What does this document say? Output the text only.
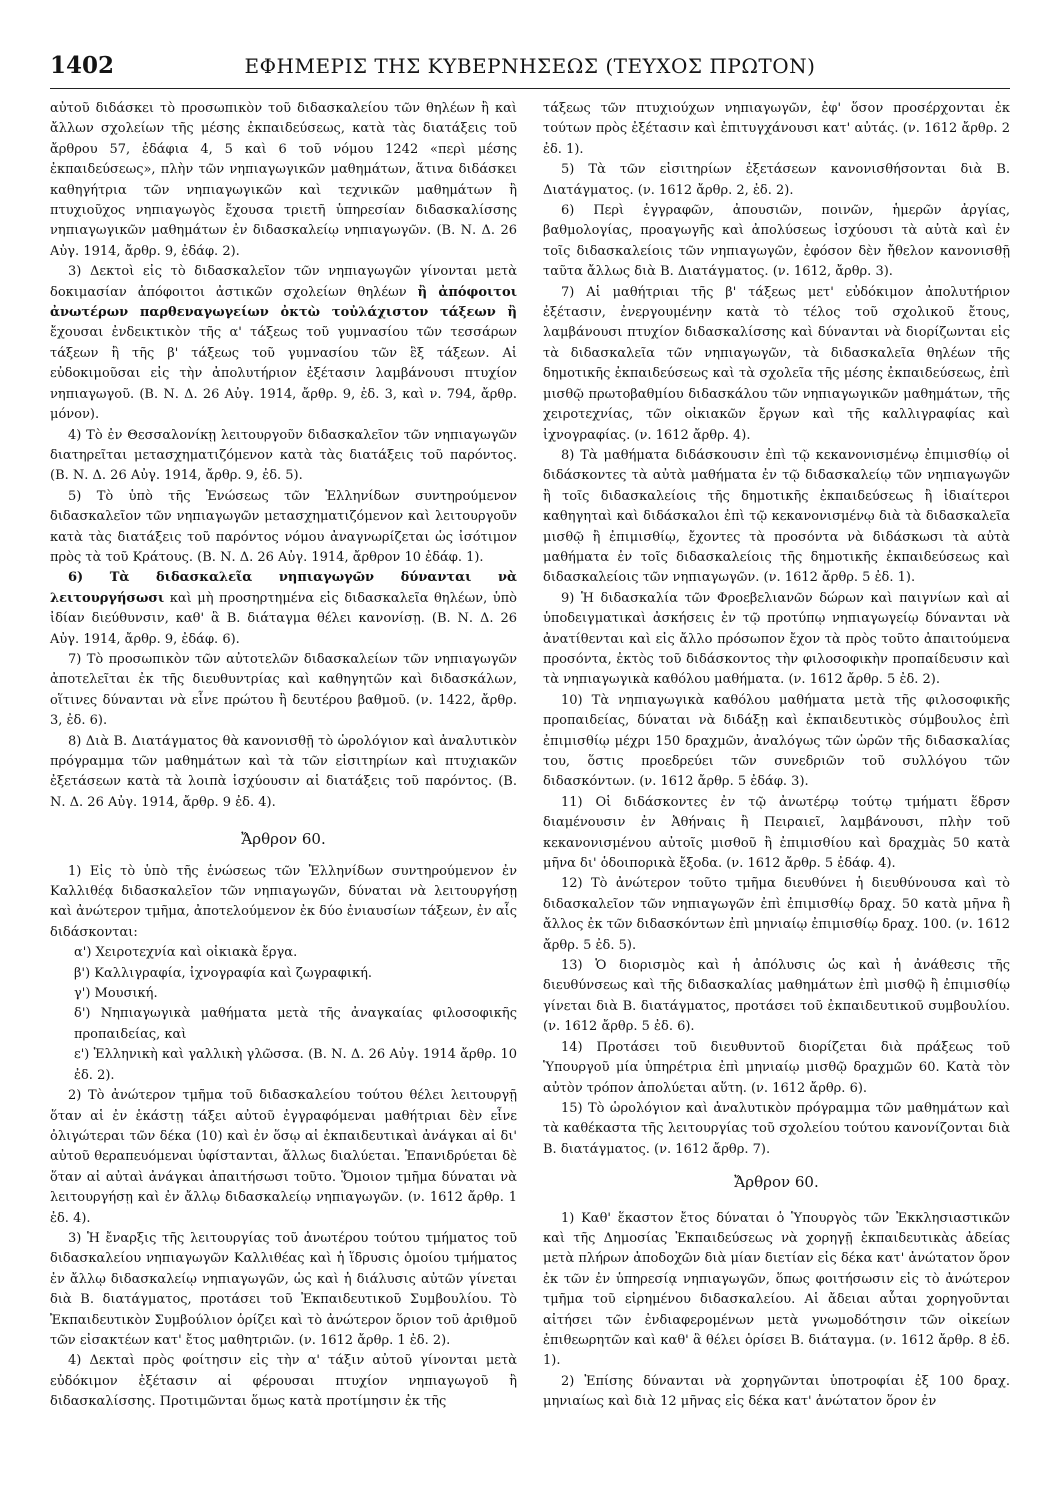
1402	ΕΦΗΜΕΡΙΣ ΤΗΣ ΚΥΒΕΡΝΗΣΕΩΣ (ΤΕΥΧΟΣ ΠΡΩΤΟΝ)

αὐτοῦ διδάσκει τὸ προσωπικὸν τοῦ διδασκαλείου τῶν θηλέων ἢ καὶ ἄλλων σχολείων τῆς μέσης ἐκπαιδεύσεως, κατὰ τὰς διατάξεις τοῦ ἄρθρου 57, ἐδάφια 4, 5 καὶ 6 τοῦ νόμου 1242 «περὶ μέσης ἐκπαιδεύσεως», πλὴν τῶν νηπιαγωγικῶν μαθημάτων, ἅτινα διδάσκει καθηγήτρια τῶν νηπιαγωγικῶν καὶ τεχνικῶν μαθημάτων ἢ πτυχιοῦχος νηπιαγωγὸς ἔχουσα τριετῆ ὑπηρεσίαν διδασκαλίσσης νηπιαγωγικῶν μαθημάτων ἐν διδασκαλείῳ νηπιαγωγῶν. (Β. Ν. Δ. 26 Αὐγ. 1914, ἄρθρ. 9, ἐδάφ. 2).

3) Δεκτοὶ εἰς τὸ διδασκαλεῖον τῶν νηπιαγωγῶν γίνονται μετὰ δοκιμασίαν ἀπόφοιτοι ἀστικῶν σχολείων θηλέων ἢ ἀπόφοιτοι ἀνωτέρων παρθεναγωγείων ὀκτὼ τοὐλάχιστον τάξεων ἢ ἔχουσαι ἐνδεικτικὸν τῆς α' τάξεως τοῦ γυμνασίου τῶν τεσσάρων τάξεων ἢ τῆς β' τάξεως τοῦ γυμνασίου τῶν ἓξ τάξεων. Αἱ εὐδοκιμοῦσαι εἰς τὴν ἀπολυτήριον ἐξέτασιν λαμβάνουσι πτυχίον νηπιαγωγοῦ. (Β. Ν. Δ. 26 Αὐγ. 1914, ἄρθρ. 9, ἐδ. 3, καὶ ν. 794, ἄρθρ. μόνον).

4) Τὸ ἐν Θεσσαλονίκῃ λειτουργοῦν διδασκαλεῖον τῶν νηπιαγωγῶν διατηρεῖται μετασχηματιζόμενον κατὰ τὰς διατάξεις τοῦ παρόντος. (Β. Ν. Δ. 26 Αὐγ. 1914, ἄρθρ. 9, ἐδ. 5).

5) Τὸ ὑπὸ τῆς Ἑνώσεως τῶν Ἑλληνίδων συντηρούμενον διδασκαλεῖον τῶν νηπιαγωγῶν μετασχηματιζόμενον καὶ λειτουργοῦν κατὰ τὰς διατάξεις τοῦ παρόντος νόμου ἀναγνωρίζεται ὡς ἰσότιμον πρὸς τὰ τοῦ Κράτους. (Β. Ν. Δ. 26 Αὐγ. 1914, ἄρθρον 10 ἐδάφ. 1).

6) Τὰ διδασκαλεῖα νηπιαγωγῶν δύνανται νὰ λειτουργήσωσι καὶ μὴ προσηρτημένα εἰς διδασκαλεῖα θηλέων, ὑπὸ ἰδίαν διεύθυνσιν, καθ' ἃ Β. διάταγμα θέλει κανονίσῃ. (Β. Ν. Δ. 26 Αὐγ. 1914, ἄρθρ. 9, ἐδάφ. 6).

7) Τὸ προσωπικὸν τῶν αὐτοτελῶν διδασκαλείων τῶν νηπιαγωγῶν ἀποτελεῖται ἐκ τῆς διευθυντρίας καὶ καθηγητῶν καὶ διδασκάλων, οἵτινες δύνανται νὰ εἶνε πρώτου ἢ δευτέρου βαθμοῦ. (ν. 1422, ἄρθρ. 3, ἐδ. 6).

8) Διὰ Β. Διατάγματος θὰ κανονισθῇ τὸ ὡρολόγιον καὶ ἀναλυτικὸν πρόγραμμα τῶν μαθημάτων καὶ τὰ τῶν εἰσιτηρίων καὶ πτυχιακῶν ἐξετάσεων κατὰ τὰ λοιπὰ ἰσχύουσιν αἱ διατάξεις τοῦ παρόντος. (Β. Ν. Δ. 26 Αὐγ. 1914, ἄρθρ. 9 ἐδ. 4).

Ἄρθρον 60.

1) Εἰς τὸ ὑπὸ τῆς ἑνώσεως τῶν Ἑλληνίδων συντηρούμενον ἐν Καλλιθέᾳ διδασκαλεῖον τῶν νηπιαγωγῶν, δύναται νὰ λειτουργήσῃ καὶ ἀνώτερον τμῆμα, ἀποτελούμενον ἐκ δύο ἐνιαυσίων τάξεων, ἐν αἷς διδάσκονται:

α') Χειροτεχνία καὶ οἰκιακὰ ἔργα.

β') Καλλιγραφία, ἰχνογραφία καὶ ζωγραφική.

γ') Μουσική.

δ') Νηπιαγωγικὰ μαθήματα μετὰ τῆς ἀναγκαίας φιλοσοφικῆς προπαιδείας, καὶ

ε') Ἑλληνικὴ καὶ γαλλικὴ γλῶσσα. (Β. Ν. Δ. 26 Αὐγ. 1914 ἄρθρ. 10 ἐδ. 2).

2) Τὸ ἀνώτερον τμῆμα τοῦ διδασκαλείου τούτου θέλει λειτουργῇ ὅταν αἱ ἐν ἑκάστῃ τάξει αὐτοῦ ἐγγραφόμεναι μαθήτριαι δὲν εἶνε ὀλιγώτεραι τῶν δέκα (10) καὶ ἐν ὅσῳ αἱ ἐκπαιδευτικαὶ ἀνάγκαι αἱ δι' αὐτοῦ θεραπευόμεναι ὑφίστανται, ἄλλως διαλύεται. Ἐπανιδρύεται δὲ ὅταν αἱ αὐταὶ ἀνάγκαι ἀπαιτήσωσι τοῦτο. Ὅμοιον τμῆμα δύναται νὰ λειτουργήσῃ καὶ ἐν ἄλλῳ διδασκαλείῳ νηπιαγωγῶν. (ν. 1612 ἄρθρ. 1 ἐδ. 4).

3) Ἡ ἔναρξις τῆς λειτουργίας τοῦ ἀνωτέρου τούτου τμήματος τοῦ διδασκαλείου νηπιαγωγῶν Καλλιθέας καὶ ἡ ἵδρυσις ὁμοίου τμήματος ἐν ἄλλῳ διδασκαλείῳ νηπιαγωγῶν, ὡς καὶ ἡ διάλυσις αὐτῶν γίνεται διὰ Β. διατάγματος, προτάσει τοῦ Ἐκπαιδευτικοῦ Συμβουλίου. Τὸ Ἐκπαιδευτικὸν Συμβούλιον ὁρίζει καὶ τὸ ἀνώτερον ὅριον τοῦ ἀριθμοῦ τῶν εἰσακτέων κατ' ἔτος μαθητριῶν. (ν. 1612 ἄρθρ. 1 ἐδ. 2).

4) Δεκταὶ πρὸς φοίτησιν εἰς τὴν α' τάξιν αὐτοῦ γίνονται μετὰ εὐδόκιμον ἐξέτασιν αἱ φέρουσαι πτυχίον νηπιαγωγοῦ ἢ διδασκαλίσσης. Προτιμῶνται ὅμως κατὰ προτίμησιν ἐκ τῆς

τάξεως τῶν πτυχιούχων νηπιαγωγῶν, ἐφ' ὅσον προσέρχονται ἐκ τούτων πρὸς ἐξέτασιν καὶ ἐπιτυγχάνουσι κατ' αὐτάς. (ν. 1612 ἄρθρ. 2 ἐδ. 1).

5) Τὰ τῶν εἰσιτηρίων ἐξετάσεων κανονισθήσονται διὰ Β. Διατάγματος. (ν. 1612 ἄρθρ. 2, ἐδ. 2).

6) Περὶ ἐγγραφῶν, ἀπουσιῶν, ποινῶν, ἡμερῶν ἀργίας, βαθμολογίας, προαγωγῆς καὶ ἀπολύσεως ἰσχύουσι τὰ αὐτὰ καὶ ἐν τοῖς διδασκαλείοις τῶν νηπιαγωγῶν, ἐφόσον δὲν ἤθελον κανονισθῇ ταῦτα ἄλλως διὰ Β. Διατάγματος. (ν. 1612, ἄρθρ. 3).

7) Αἱ μαθήτριαι τῆς β' τάξεως μετ' εὐδόκιμον ἀπολυτήριον ἐξέτασιν, ἐνεργουμένην κατὰ τὸ τέλος τοῦ σχολικοῦ ἔτους, λαμβάνουσι πτυχίον διδασκαλίσσης καὶ δύνανται νὰ διορίζωνται εἰς τὰ διδασκαλεῖα τῶν νηπιαγωγῶν, τὰ διδασκαλεῖα θηλέων τῆς δημοτικῆς ἐκπαιδεύσεως καὶ τὰ σχολεῖα τῆς μέσης ἐκπαιδεύσεως, ἐπὶ μισθῷ πρωτοβαθμίου διδασκάλου τῶν νηπιαγωγικῶν μαθημάτων, τῆς χειροτεχνίας, τῶν οἰκιακῶν ἔργων καὶ τῆς καλλιγραφίας καὶ ἰχνογραφίας. (ν. 1612 ἄρθρ. 4).

8) Τὰ μαθήματα διδάσκουσιν ἐπὶ τῷ κεκανονισμένῳ ἐπιμισθίῳ οἱ διδάσκοντες τὰ αὐτὰ μαθήματα ἐν τῷ διδασκαλείῳ τῶν νηπιαγωγῶν ἢ τοῖς διδασκαλείοις τῆς δημοτικῆς ἐκπαιδεύσεως ἢ ἰδιαίτεροι καθηγηταὶ καὶ διδάσκαλοι ἐπὶ τῷ κεκανονισμένῳ διὰ τὰ διδασκαλεῖα μισθῷ ἢ ἐπιμισθίῳ, ἔχοντες τὰ προσόντα νὰ διδάσκωσι τὰ αὐτὰ μαθήματα ἐν τοῖς διδασκαλείοις τῆς δημοτικῆς ἐκπαιδεύσεως καὶ διδασκαλείοις τῶν νηπιαγωγῶν. (ν. 1612 ἄρθρ. 5 ἐδ. 1).

9) Ἡ διδασκαλία τῶν Φροεβελιανῶν δώρων καὶ παιγνίων καὶ αἱ ὑποδειγματικαὶ ἀσκήσεις ἐν τῷ προτύπῳ νηπιαγωγείῳ δύνανται νὰ ἀνατίθενται καὶ εἰς ἄλλο πρόσωπον ἔχον τὰ πρὸς τοῦτο ἀπαιτούμενα προσόντα, ἐκτὸς τοῦ διδάσκοντος τὴν φιλοσοφικὴν προπαίδευσιν καὶ τὰ νηπιαγωγικὰ καθόλου μαθήματα. (ν. 1612 ἄρθρ. 5 ἐδ. 2).

10) Τὰ νηπιαγωγικὰ καθόλου μαθήματα μετὰ τῆς φιλοσοφικῆς προπαιδείας, δύναται νὰ διδάξῃ καὶ ἐκπαιδευτικὸς σύμβουλος ἐπὶ ἐπιμισθίῳ μέχρι 150 δραχμῶν, ἀναλόγως τῶν ὡρῶν τῆς διδασκαλίας του, ὅστις προεδρεύει τῶν συνεδριῶν τοῦ συλλόγου τῶν διδασκόντων. (ν. 1612 ἄρθρ. 5 ἐδάφ. 3).

11) Οἱ διδάσκοντες ἐν τῷ ἀνωτέρῳ τούτῳ τμήματι ἕδρσν διαμένουσιν ἐν Ἀθήναις ἢ Πειραιεῖ, λαμβάνουσι, πλὴν τοῦ κεκανονισμένου αὐτοῖς μισθοῦ ἢ ἐπιμισθίου καὶ δραχμὰς 50 κατὰ μῆνα δι' ὁδοιπορικὰ ἔξοδα. (ν. 1612 ἄρθρ. 5 ἐδάφ. 4).

12) Τὸ ἀνώτερον τοῦτο τμῆμα διευθύνει ἡ διευθύνουσα καὶ τὸ διδασκαλεῖον τῶν νηπιαγωγῶν ἐπὶ ἐπιμισθίῳ δραχ. 50 κατὰ μῆνα ἢ ἄλλος ἐκ τῶν διδασκόντων ἐπὶ μηνιαίῳ ἐπιμισθίῳ δραχ. 100. (ν. 1612 ἄρθρ. 5 ἐδ. 5).

13) Ὁ διορισμὸς καὶ ἡ ἀπόλυσις ὡς καὶ ἡ ἀνάθεσις τῆς διευθύνσεως καὶ τῆς διδασκαλίας μαθημάτων ἐπὶ μισθῷ ἢ ἐπιμισθίῳ γίνεται διὰ Β. διατάγματος, προτάσει τοῦ ἐκπαιδευτικοῦ συμβουλίου. (ν. 1612 ἄρθρ. 5 ἐδ. 6).

14) Προτάσει τοῦ διευθυντοῦ διορίζεται διὰ πράξεως τοῦ Ὑπουργοῦ μία ὑπηρέτρια ἐπὶ μηνιαίῳ μισθῷ δραχμῶν 60. Κατὰ τὸν αὐτὸν τρόπον ἀπολύεται αὕτη. (ν. 1612 ἄρθρ. 6).

15) Τὸ ὡρολόγιον καὶ ἀναλυτικὸν πρόγραμμα τῶν μαθημάτων καὶ τὰ καθέκαστα τῆς λειτουργίας τοῦ σχολείου τούτου κανονίζονται διὰ Β. διατάγματος. (ν. 1612 ἄρθρ. 7).

Ἄρθρον 60.

1) Καθ' ἕκαστον ἔτος δύναται ὁ Ὑπουργὸς τῶν Ἐκκλησιαστικῶν καὶ τῆς Δημοσίας Ἐκπαιδεύσεως νὰ χορηγῇ ἐκπαιδευτικὰς ἀδείας μετὰ πλήρων ἀποδοχῶν διὰ μίαν διετίαν εἰς δέκα κατ' ἀνώτατον ὅρον ἐκ τῶν ἐν ὑπηρεσίᾳ νηπιαγωγῶν, ὅπως φοιτήσωσιν εἰς τὸ ἀνώτερον τμῆμα τοῦ εἰρημένου διδασκαλείου. Αἱ ἄδειαι αὗται χορηγοῦνται αἰτήσει τῶν ἐνδιαφερομένων μετὰ γνωμοδότησιν τῶν οἰκείων ἐπιθεωρητῶν καὶ καθ' ἃ θέλει ὁρίσει Β. διάταγμα. (ν. 1612 ἄρθρ. 8 ἐδ. 1).

2) Ἐπίσης δύνανται νὰ χορηγῶνται ὑποτροφίαι ἐξ 100 δραχ. μηνιαίως καὶ διὰ 12 μῆνας εἰς δέκα κατ' ἀνώτατον ὅρον ἐν
